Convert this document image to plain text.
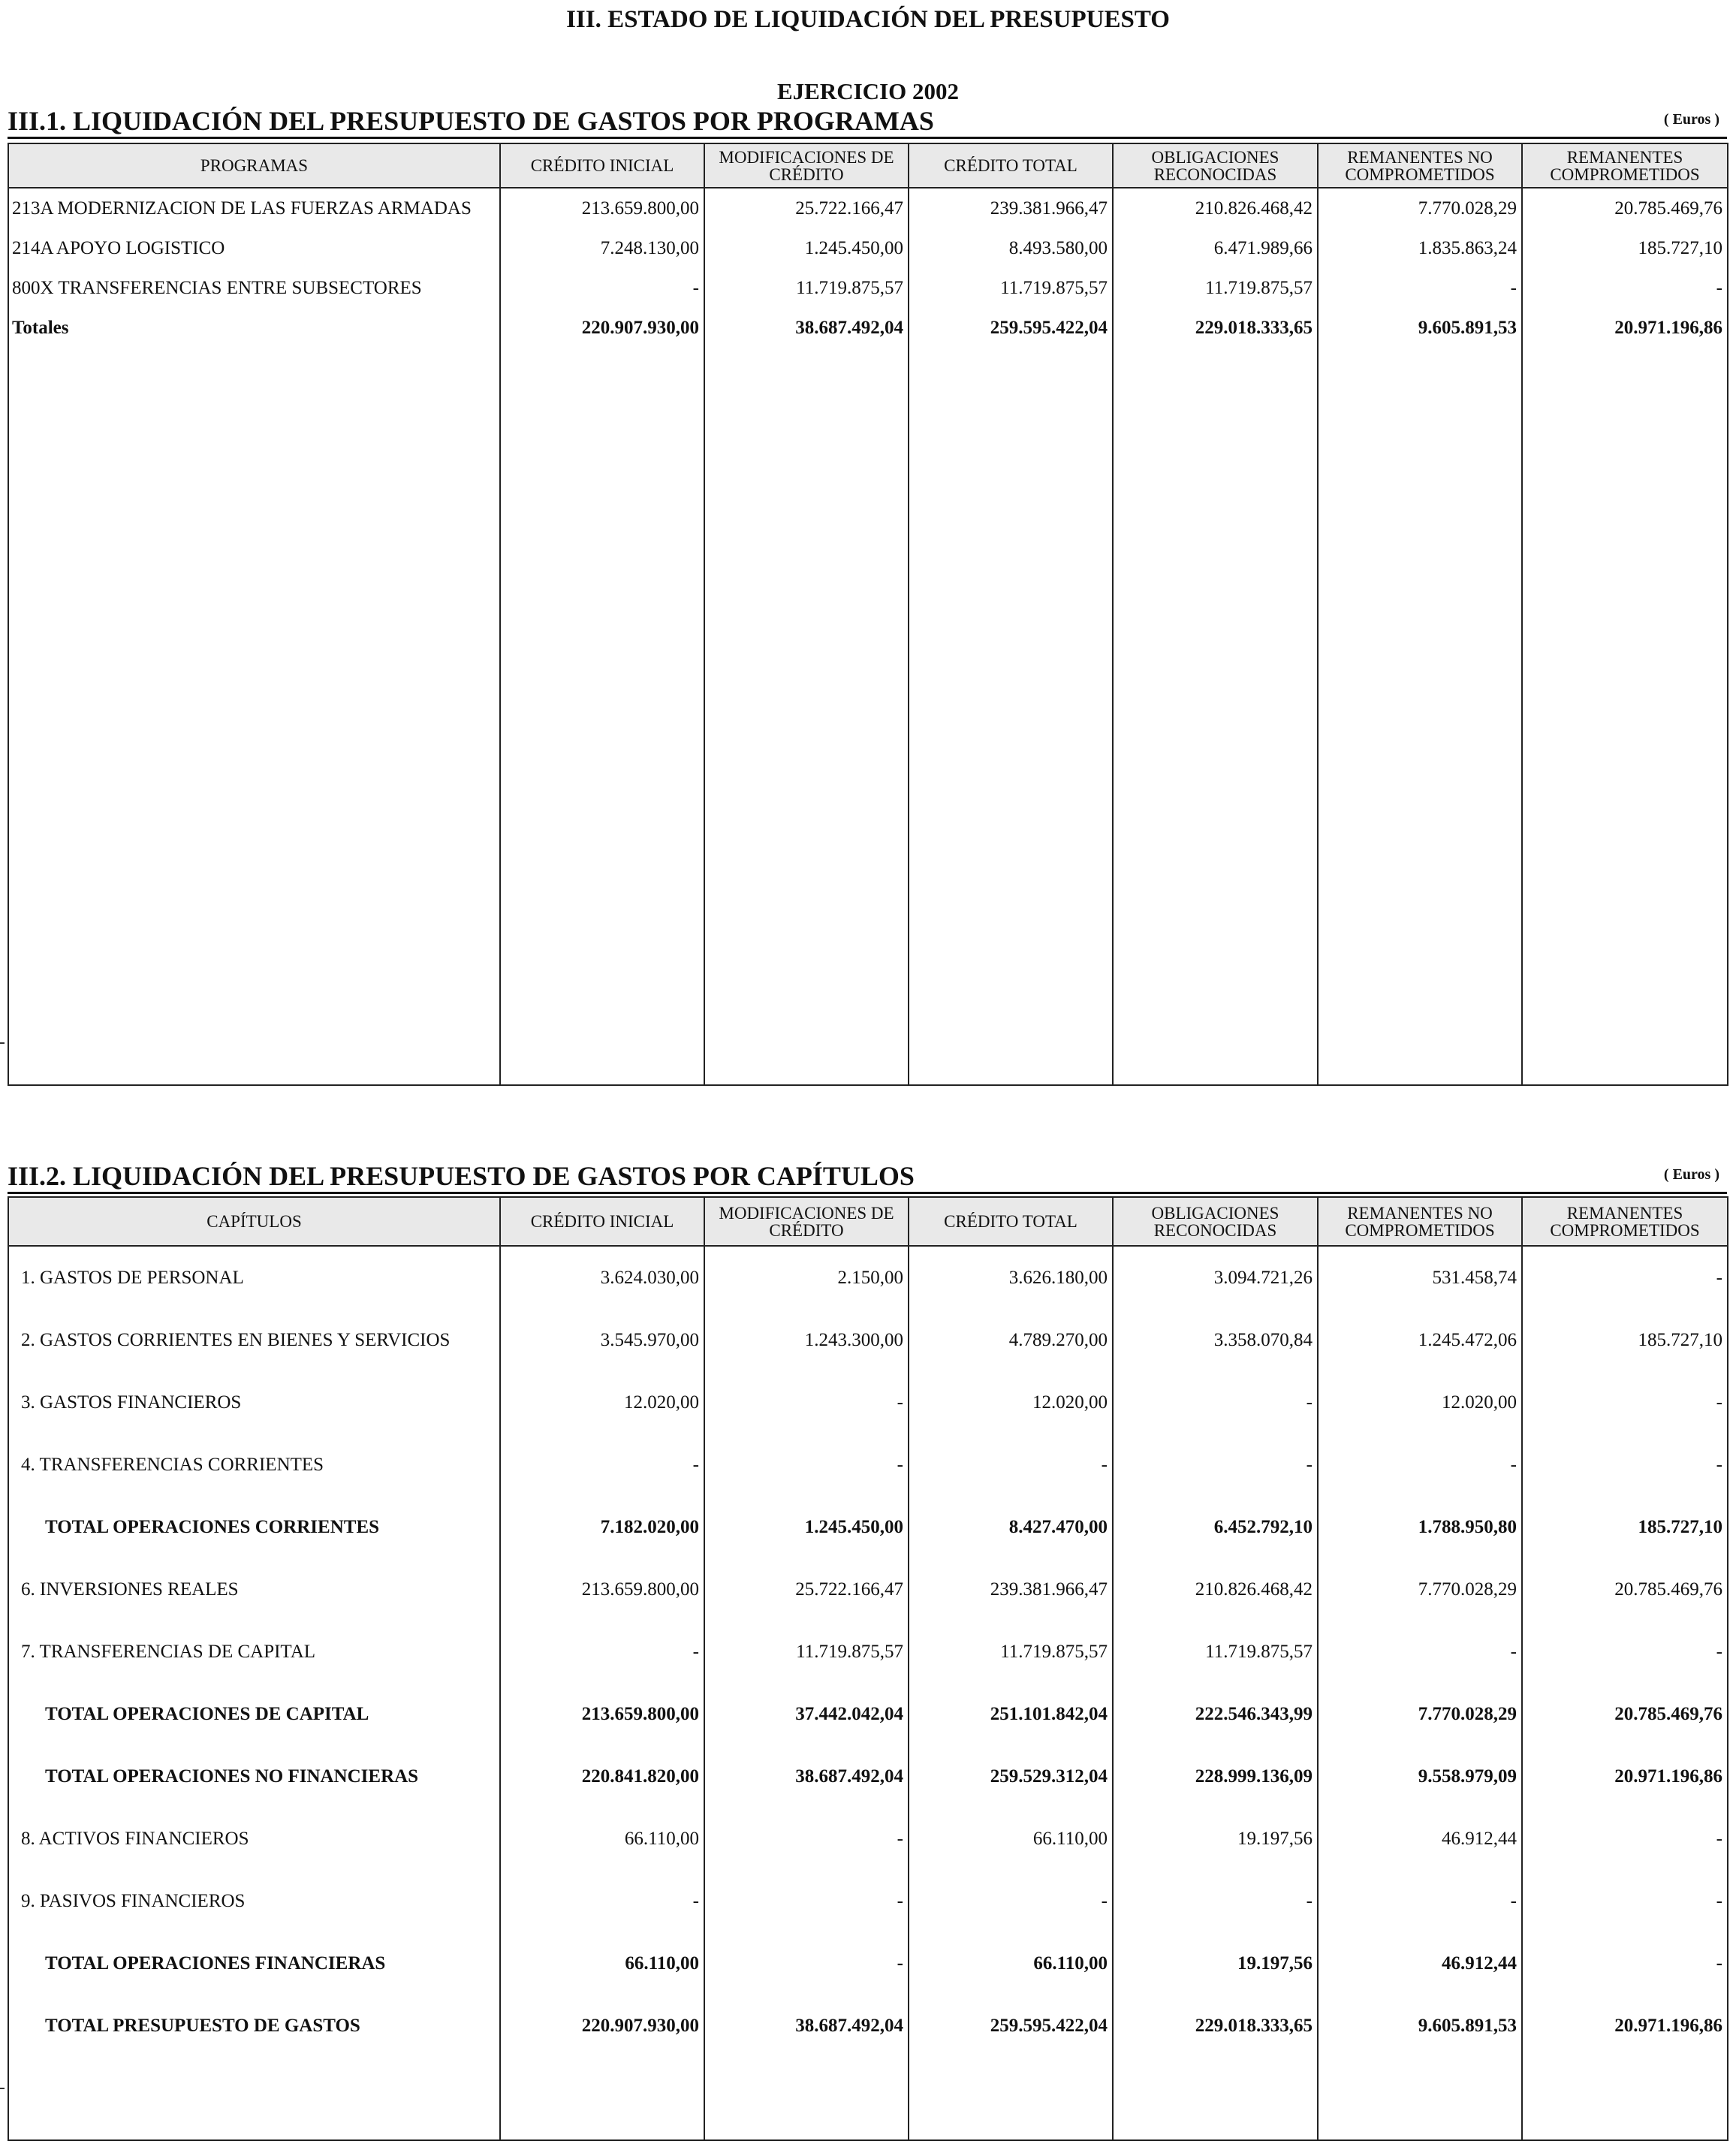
III. ESTADO DE LIQUIDACIÓN DEL PRESUPUESTO
EJERCICIO 2002
III.1. LIQUIDACIÓN DEL PRESUPUESTO DE GASTOS POR PROGRAMAS	( Euros )
PROGRAMAS	CRÉDITO INICIAL	MODIFICACIONES DE CRÉDITO	CRÉDITO TOTAL	OBLIGACIONES RECONOCIDAS	REMANENTES NO COMPROMETIDOS	REMANENTES COMPROMETIDOS
213A MODERNIZACION DE LAS FUERZAS ARMADAS	213.659.800,00	25.722.166,47	239.381.966,47	210.826.468,42	7.770.028,29	20.785.469,76
214A APOYO LOGISTICO	7.248.130,00	1.245.450,00	8.493.580,00	6.471.989,66	1.835.863,24	185.727,10
800X TRANSFERENCIAS ENTRE SUBSECTORES	-	11.719.875,57	11.719.875,57	11.719.875,57	-	-
Totales	220.907.930,00	38.687.492,04	259.595.422,04	229.018.333,65	9.605.891,53	20.971.196,86

III.2. LIQUIDACIÓN DEL PRESUPUESTO DE GASTOS POR CAPÍTULOS	( Euros )
CAPÍTULOS	CRÉDITO INICIAL	MODIFICACIONES DE CRÉDITO	CRÉDITO TOTAL	OBLIGACIONES RECONOCIDAS	REMANENTES NO COMPROMETIDOS	REMANENTES COMPROMETIDOS
1. GASTOS DE PERSONAL	3.624.030,00	2.150,00	3.626.180,00	3.094.721,26	531.458,74	-
2. GASTOS CORRIENTES EN BIENES Y SERVICIOS	3.545.970,00	1.243.300,00	4.789.270,00	3.358.070,84	1.245.472,06	185.727,10
3. GASTOS FINANCIEROS	12.020,00	-	12.020,00	-	12.020,00	-
4. TRANSFERENCIAS CORRIENTES	-	-	-	-	-	-
TOTAL OPERACIONES CORRIENTES	7.182.020,00	1.245.450,00	8.427.470,00	6.452.792,10	1.788.950,80	185.727,10
6. INVERSIONES REALES	213.659.800,00	25.722.166,47	239.381.966,47	210.826.468,42	7.770.028,29	20.785.469,76
7. TRANSFERENCIAS DE CAPITAL	-	11.719.875,57	11.719.875,57	11.719.875,57	-	-
TOTAL OPERACIONES DE CAPITAL	213.659.800,00	37.442.042,04	251.101.842,04	222.546.343,99	7.770.028,29	20.785.469,76
TOTAL OPERACIONES NO FINANCIERAS	220.841.820,00	38.687.492,04	259.529.312,04	228.999.136,09	9.558.979,09	20.971.196,86
8. ACTIVOS FINANCIEROS	66.110,00	-	66.110,00	19.197,56	46.912,44	-
9. PASIVOS FINANCIEROS	-	-	-	-	-	-
TOTAL OPERACIONES FINANCIERAS	66.110,00	-	66.110,00	19.197,56	46.912,44	-
TOTAL PRESUPUESTO DE GASTOS	220.907.930,00	38.687.492,04	259.595.422,04	229.018.333,65	9.605.891,53	20.971.196,86
